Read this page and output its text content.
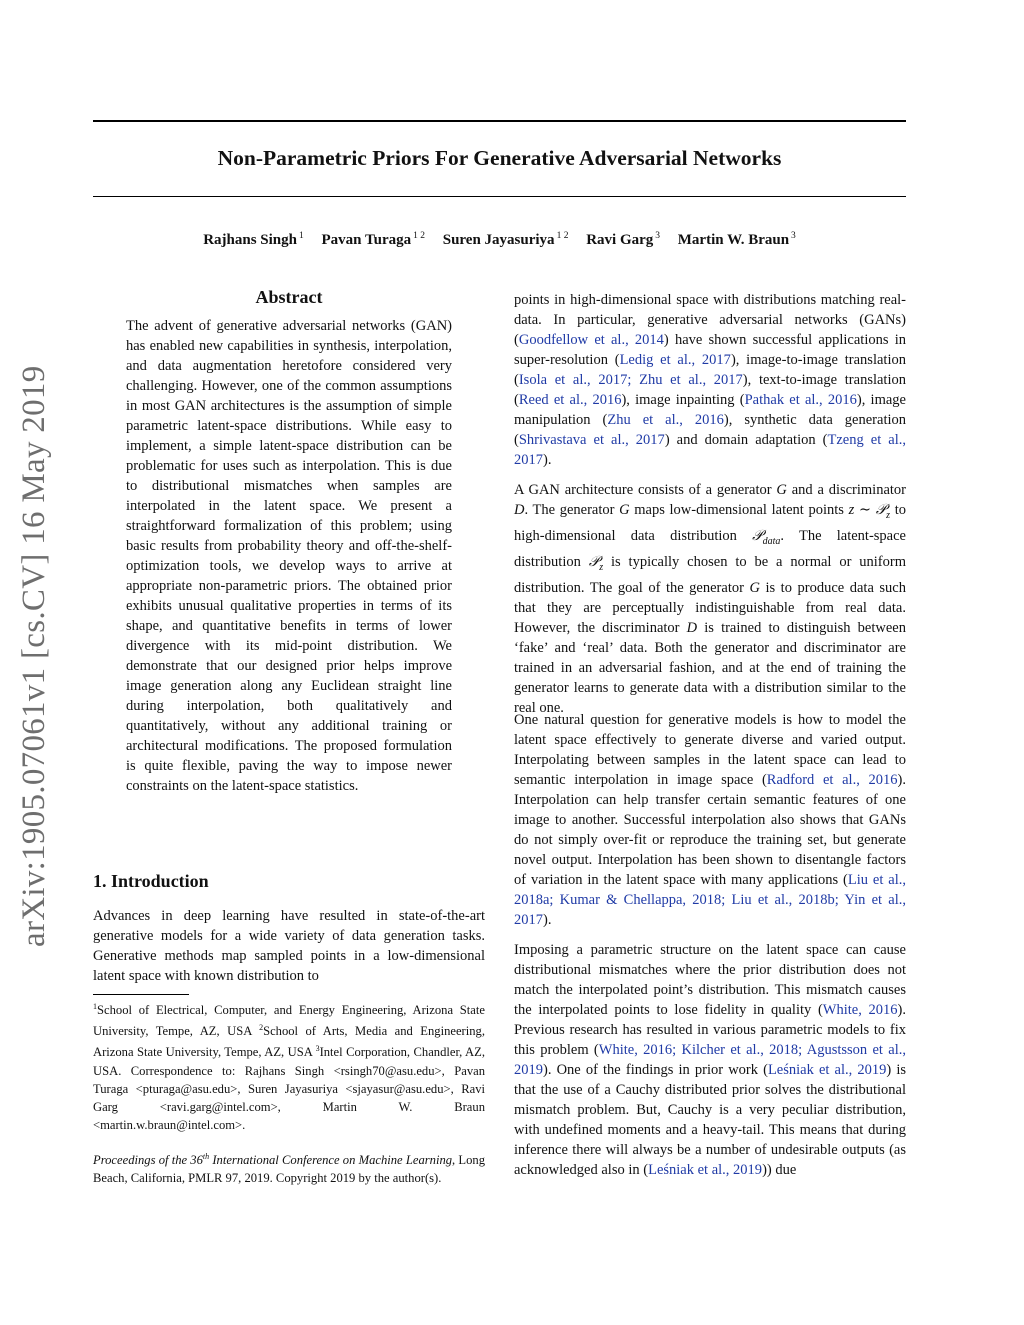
Non-Parametric Priors For Generative Adversarial Networks
Rajhans Singh $^1$ Pavan Turaga $^{1 2}$ Suren Jayasuriya $^{1 2}$ Ravi Garg $^3$ Martin W. Braun $^3$
arXiv:1905.07061v1 [cs.CV] 16 May 2019
Abstract

The advent of generative adversarial networks (GAN) has enabled new capabilities in synthesis, interpolation, and data augmentation heretofore considered very challenging. However, one of the common assumptions in most GAN architectures is the assumption of simple parametric latent-space distributions. While easy to implement, a simple latent-space distribution can be problematic for uses such as interpolation. This is due to distributional mismatches when samples are interpolated in the latent space. We present a straightforward formalization of this problem; using basic results from probability theory and off-the-shelf-optimization tools, we develop ways to arrive at appropriate non-parametric priors. The obtained prior exhibits unusual qualitative properties in terms of its shape, and quantitative benefits in terms of lower divergence with its mid-point distribution. We demonstrate that our designed prior helps improve image generation along any Euclidean straight line during interpolation, both qualitatively and quantitatively, without any additional training or architectural modifications. The proposed formulation is quite flexible, paving the way to impose newer constraints on the latent-space statistics.

1. Introduction

Advances in deep learning have resulted in state-of-the-art generative models for a wide variety of data generation tasks. Generative methods map sampled points in a low-dimensional latent space with known distribution to

$^1$School of Electrical, Computer, and Energy Engineering, Arizona State University, Tempe, AZ, USA $^2$School of Arts, Media and Engineering, Arizona State University, Tempe, AZ, USA $^3$Intel Corporation, Chandler, AZ, USA. Correspondence to: Rajhans Singh <rsingh70@asu.edu>, Pavan Turaga <pturaga@asu.edu>, Suren Jayasuriya <sjayasur@asu.edu>, Ravi Garg <ravi.garg@intel.com>, Martin W. Braun <martin.w.braun@intel.com>.

Proceedings of the 36th International Conference on Machine Learning, Long Beach, California, PMLR 97, 2019. Copyright 2019 by the author(s).

points in high-dimensional space with distributions matching real-data. In particular, generative adversarial networks (GANs) (Goodfellow et al., 2014) have shown successful applications in super-resolution (Ledig et al., 2017), image-to-image translation (Isola et al., 2017; Zhu et al., 2017), text-to-image translation (Reed et al., 2016), image inpainting (Pathak et al., 2016), image manipulation (Zhu et al., 2016), synthetic data generation (Shrivastava et al., 2017) and domain adaptation (Tzeng et al., 2017).

A GAN architecture consists of a generator G and a discriminator D. The generator G maps low-dimensional latent points z ∼ 𝒫$_z$ to high-dimensional data distribution 𝒫$_{data}$. The latent-space distribution 𝒫$_z$ is typically chosen to be a normal or uniform distribution. The goal of the generator G is to produce data such that they are perceptually indistinguishable from real data. However, the discriminator D is trained to distinguish between ‘fake’ and ‘real’ data. Both the generator and discriminator are trained in an adversarial fashion, and at the end of training the generator learns to generate data with a distribution similar to the real one.

One natural question for generative models is how to model the latent space effectively to generate diverse and varied output. Interpolating between samples in the latent space can lead to semantic interpolation in image space (Radford et al., 2016). Interpolation can help transfer certain semantic features of one image to another. Successful interpolation also shows that GANs do not simply over-fit or reproduce the training set, but generate novel output. Interpolation has been shown to disentangle factors of variation in the latent space with many applications (Liu et al., 2018a; Kumar & Chellappa, 2018; Liu et al., 2018b; Yin et al., 2017).

Imposing a parametric structure on the latent space can cause distributional mismatches where the prior distribution does not match the interpolated point’s distribution. This mismatch causes the interpolated points to lose fidelity in quality (White, 2016). Previous research has resulted in various parametric models to fix this problem (White, 2016; Kilcher et al., 2018; Agustsson et al., 2019). One of the findings in prior work (Leśniak et al., 2019) is that the use of a Cauchy distributed prior solves the distributional mismatch problem. But, Cauchy is a very peculiar distribution, with undefined moments and a heavy-tail. This means that during inference there will always be a number of undesirable outputs (as acknowledged also in (Leśniak et al., 2019)) due
